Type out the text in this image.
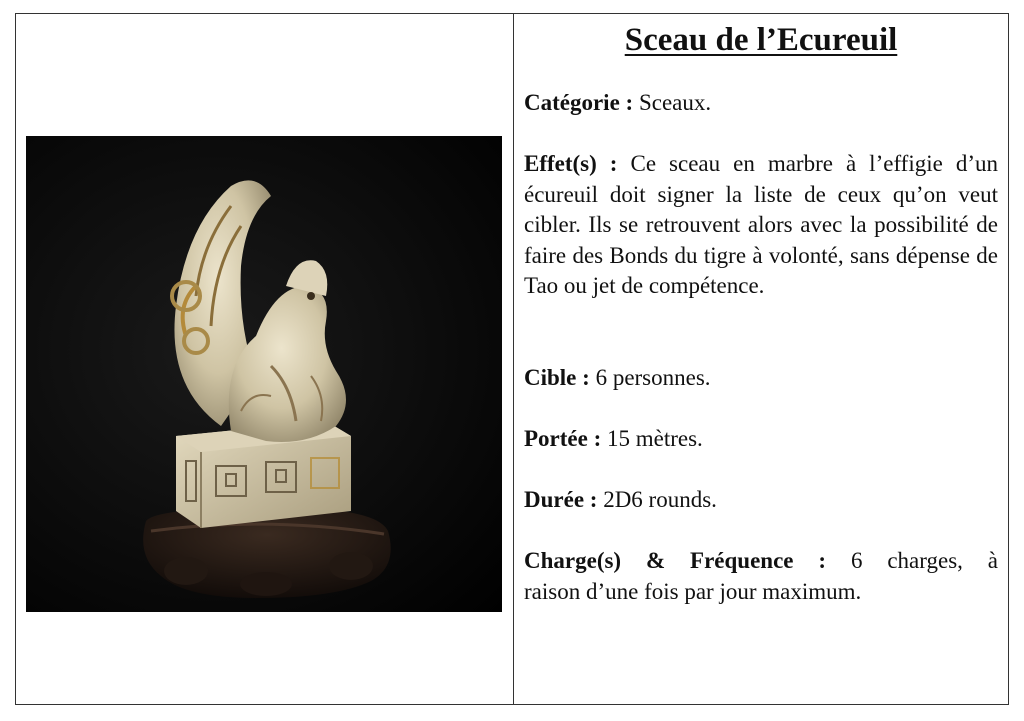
Sceau de l’Ecureuil

Catégorie : Sceaux.

Effet(s) : Ce sceau en marbre à l’effigie d’un écureuil doit signer la liste de ceux qu’on veut cibler. Ils se retrouvent alors avec la possibilité de faire des Bonds du tigre à volonté, sans dépense de Tao ou jet de compétence.

Cible : 6 personnes.

Portée : 15 mètres.

Durée : 2D6 rounds.

Charge(s) & Fréquence : 6 charges, à
raison d’une fois par jour maximum.
